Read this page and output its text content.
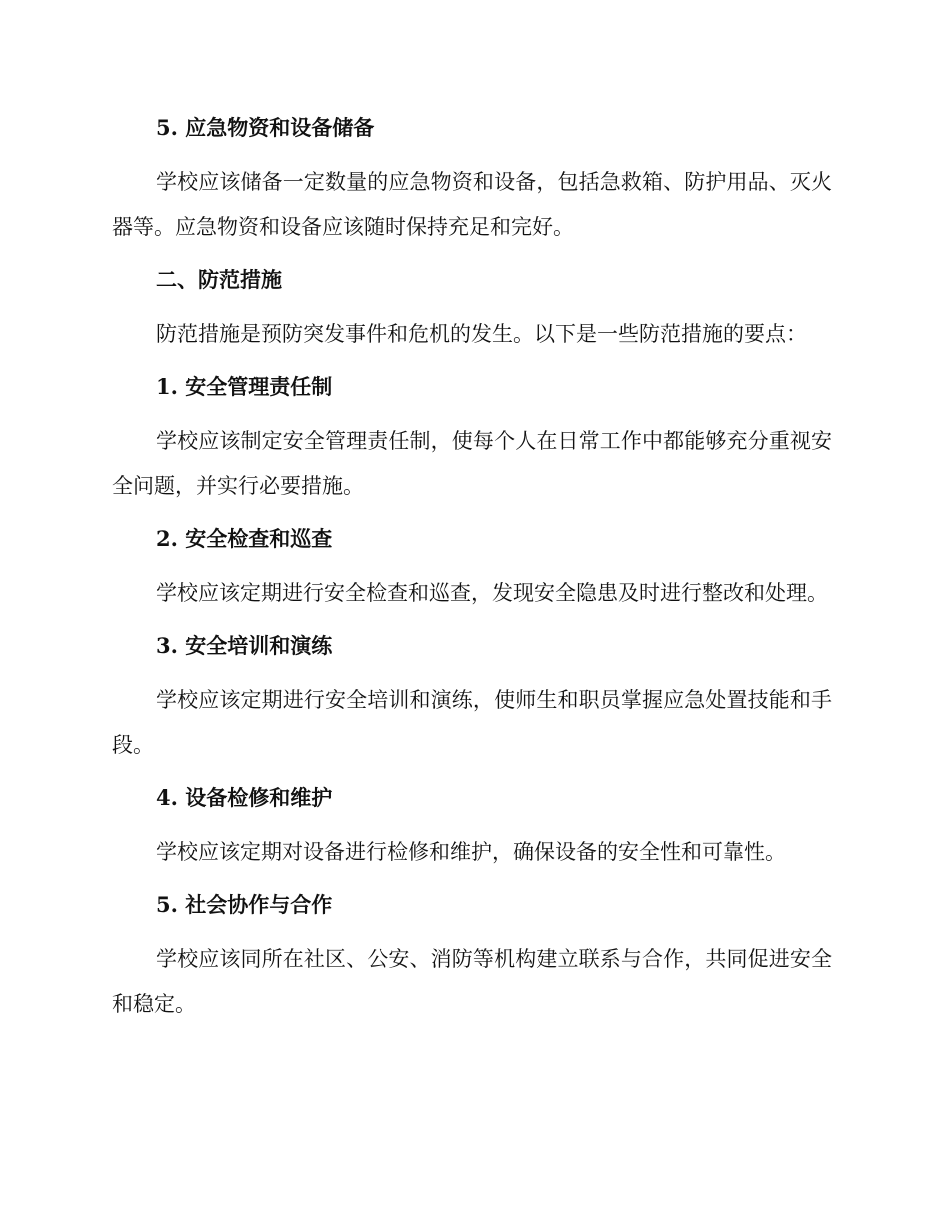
5. 应急物资和设备储备

学校应该储备一定数量的应急物资和设备，包括急救箱、防护用品、灭火器等。应急物资和设备应该随时保持充足和完好。

二、防范措施

防范措施是预防突发事件和危机的发生。以下是一些防范措施的要点：

1. 安全管理责任制

学校应该制定安全管理责任制，使每个人在日常工作中都能够充分重视安全问题，并实行必要措施。

2. 安全检查和巡查

学校应该定期进行安全检查和巡查，发现安全隐患及时进行整改和处理。

3. 安全培训和演练

学校应该定期进行安全培训和演练，使师生和职员掌握应急处置技能和手段。

4. 设备检修和维护

学校应该定期对设备进行检修和维护，确保设备的安全性和可靠性。

5. 社会协作与合作

学校应该同所在社区、公安、消防等机构建立联系与合作，共同促进安全和稳定。
